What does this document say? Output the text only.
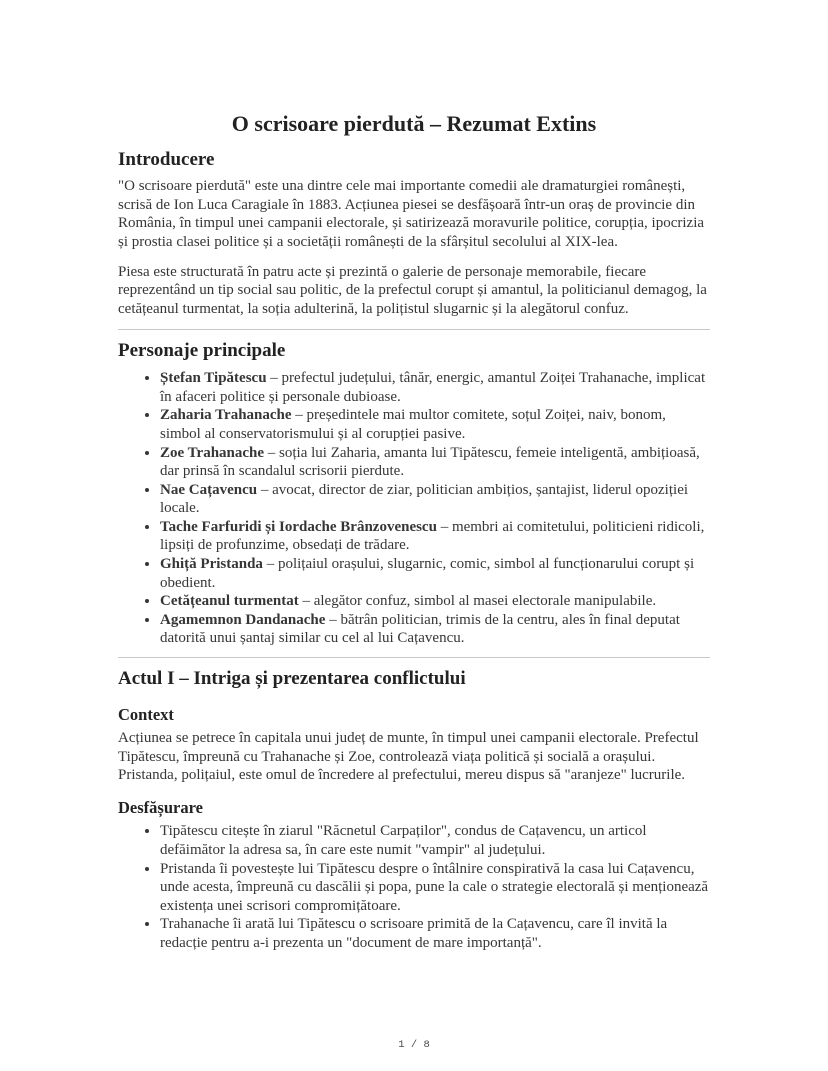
O scrisoare pierdută – Rezumat Extins
Introducere

"O scrisoare pierdută" este una dintre cele mai importante comedii ale dramaturgiei românești, scrisă de Ion Luca Caragiale în 1883. Acțiunea piesei se desfășoară într-un oraș de provincie din România, în timpul unei campanii electorale, și satirizează moravurile politice, corupția, ipocrizia și prostia clasei politice și a societății românești de la sfârșitul secolului al XIX-lea.

Piesa este structurată în patru acte și prezintă o galerie de personaje memorabile, fiecare reprezentând un tip social sau politic, de la prefectul corupt și amantul, la politicianul demagog, la cetățeanul turmentat, la soția adulterină, la polițistul slugarnic și la alegătorul confuz.

Personaje principale
• Ștefan Tipătescu – prefectul județului, tânăr, energic, amantul Zoiței Trahanache, implicat în afaceri politice și personale dubioase.
• Zaharia Trahanache – președintele mai multor comitete, soțul Zoiței, naiv, bonom, simbol al conservatorismului și al corupției pasive.
• Zoe Trahanache – soția lui Zaharia, amanta lui Tipătescu, femeie inteligentă, ambițioasă, dar prinsă în scandalul scrisorii pierdute.
• Nae Cațavencu – avocat, director de ziar, politician ambițios, șantajist, liderul opoziției locale.
• Tache Farfuridi și Iordache Brânzovenescu – membri ai comitetului, politicieni ridicoli, lipsiți de profunzime, obsedați de trădare.
• Ghiță Pristanda – polițaiul orașului, slugarnic, comic, simbol al funcționarului corupt și obedient.
• Cetățeanul turmentat – alegător confuz, simbol al masei electorale manipulabile.
• Agamemnon Dandanache – bătrân politician, trimis de la centru, ales în final deputat datorită unui șantaj similar cu cel al lui Cațavencu.
Actul I – Intriga și prezentarea conflictului
Context

Acțiunea se petrece în capitala unui județ de munte, în timpul unei campanii electorale. Prefectul Tipătescu, împreună cu Trahanache și Zoe, controlează viața politică și socială a orașului. Pristanda, polițaiul, este omul de încredere al prefectului, mereu dispus să "aranjeze" lucrurile.

Desfășurare
• Tipătescu citește în ziarul "Răcnetul Carpaților", condus de Cațavencu, un articol defăimător la adresa sa, în care este numit "vampir" al județului.
• Pristanda îi povestește lui Tipătescu despre o întâlnire conspirativă la casa lui Cațavencu, unde acesta, împreună cu dascălii și popa, pune la cale o strategie electorală și menționează existența unei scrisori compromițătoare.
• Trahanache îi arată lui Tipătescu o scrisoare primită de la Cațavencu, care îl invită la redacție pentru a-i prezenta un "document de mare importanță".
1 / 8
